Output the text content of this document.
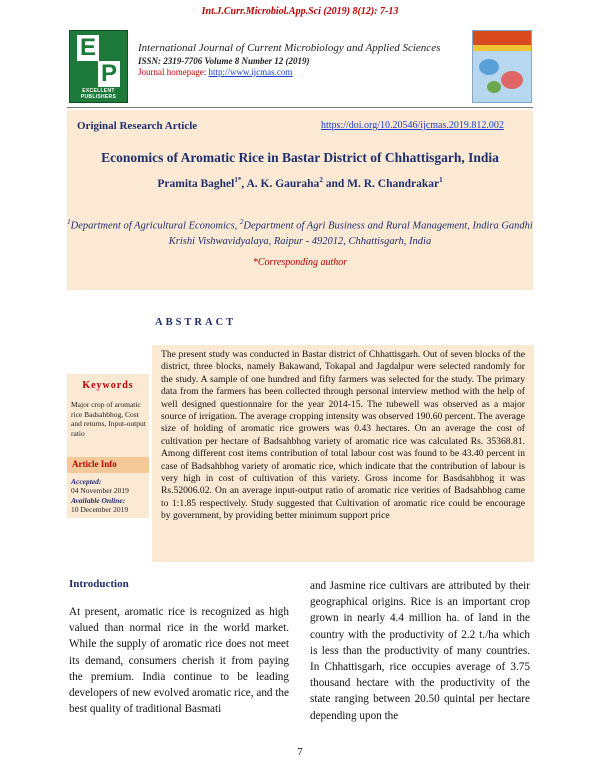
Int.J.Curr.Microbiol.App.Sci (2019) 8(12): 7-13
E
P
EXCELLENT
PUBLISHERS
International Journal of Current Microbiology and Applied Sciences
ISSN: 2319-7706 Volume 8 Number 12 (2019)
Journal homepage: http://www.ijcmas.com
Original Research Article	https://doi.org/10.20546/ijcmas.2019.812.002
Economics of Aromatic Rice in Bastar District of Chhattisgarh, India
Pramita Baghel$^{1*}$, A. K. Gauraha$^2$ and M. R. Chandrakar$^1$
$^1$Department of Agricultural Economics, $^2$Department of Agri Business and Rural Management, Indira Gandhi Krishi Vishwavidyalaya, Raipur - 492012, Chhattisgarh, India
*Corresponding author
ABSTRACT
The present study was conducted in Bastar district of Chhattisgarh. Out of seven blocks of the district, three blocks, namely Bakawand, Tokapal and Jagdalpur were selected randomly for the study. A sample of one hundred and fifty farmers was selected for the study. The primary data from the farmers has been collected through personal interview method with the help of well designed questionnaire for the year 2014-15. The tubewell was observed as a major source of irrigation. The average cropping intensity was observed 190.60 percent. The average size of holding of aromatic rice growers was 0.43 hectares. On an average the cost of cultivation per hectare of Badsahbhog variety of aromatic rice was calculated Rs. 35368.81. Among different cost items contribution of total labour cost was found to be 43.40 percent in case of Badsahbhog variety of aromatic rice, which indicate that the contribution of labour is very high in cost of cultivation of this variety. Gross income for Basdsahbhog it was Rs.52006.02. On an average input-output ratio of aromatic rice verities of Badsahbhog came to 1:1.85 respectively. Study suggested that Cultivation of aromatic rice could be encourage by government, by providing better minimum support price
Keywords
Major crop of aromatic rice Badsahbhog, Cost and returns, Input-output ratio
Article Info
Accepted:
04 November 2019
Available Online:
10 December 2019
Introduction
At present, aromatic rice is recognized as high valued than normal rice in the world market. While the supply of aromatic rice does not meet its demand, consumers cherish it from paying the premium. India continue to be leading developers of new evolved aromatic rice, and the best quality of traditional Basmati
and Jasmine rice cultivars are attributed by their geographical origins. Rice is an important crop grown in nearly 4.4 million ha. of land in the country with the productivity of 2.2 t./ha which is less than the productivity of many countries. In Chhattisgarh, rice occupies average of 3.75 thousand hectare with the productivity of the state ranging between 20.50 quintal per hectare depending upon the
7
